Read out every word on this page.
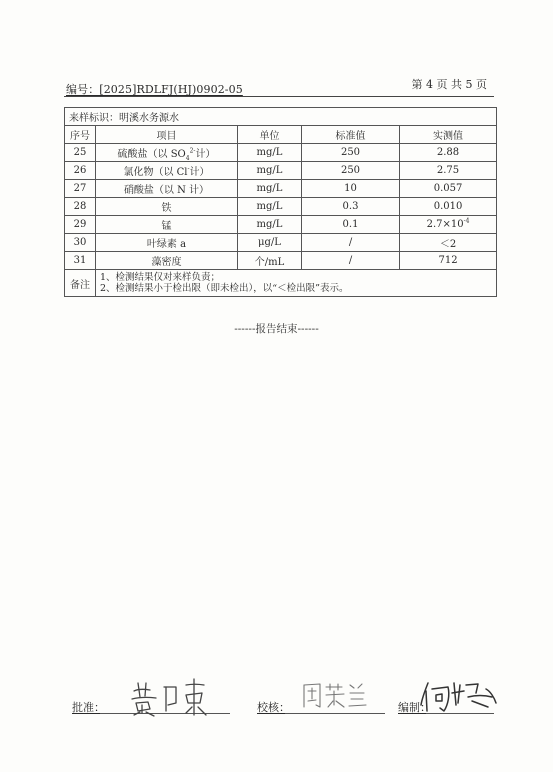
编号：[2025]RDLFJ(HJ)0902-05	第 4 页 共 5 页
来样标识：明溪水务源水				
序号	项目	单位	标准值	实测值
25	硫酸盐（以 $SO_4^{2-}$计）	mg/L	250	2.88
26	氯化物（以 Cl-计）	mg/L	250	2.75
27	硝酸盐（以 N 计）	mg/L	10	0.057
28	铁	mg/L	0.3	0.010
29	锰	mg/L	0.1	$2.7\times 10^{-4}$
30	叶绿素 a	μg/L	/	＜2
31	藻密度	个/mL	/	712
备注	1、检测结果仅对来样负责；
2、检测结果小于检出限（即未检出），以“＜检出限”表示。			
------报告结束------
批准：	校核：	编制：
